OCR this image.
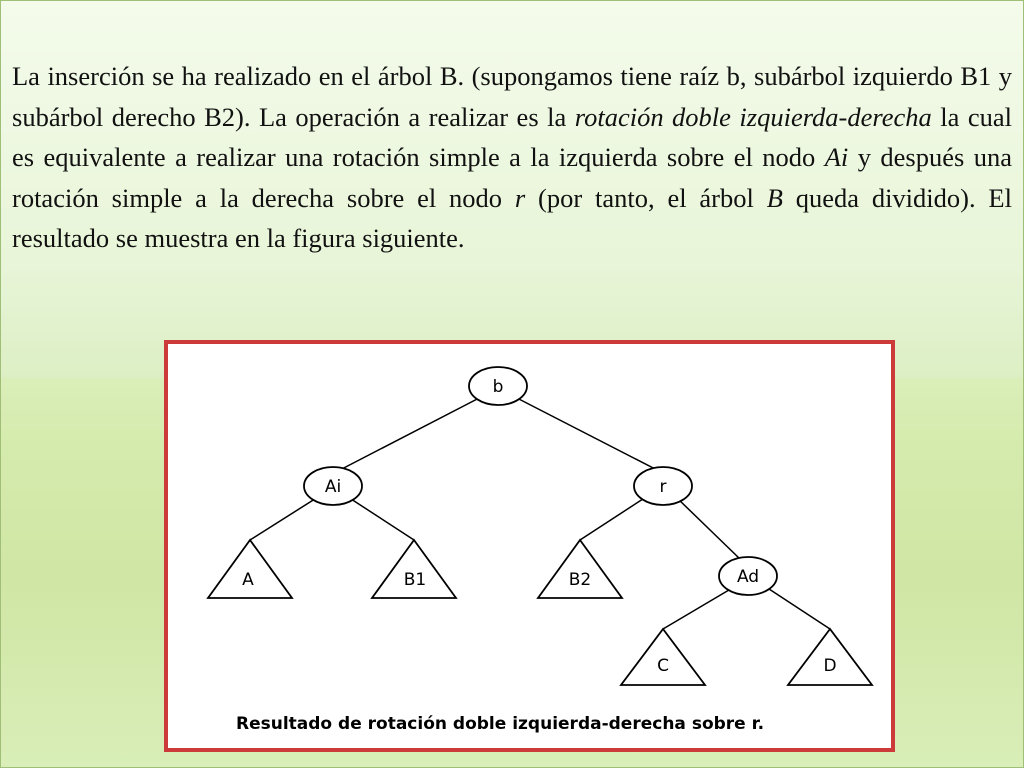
La inserción se ha realizado en el árbol B. (supongamos tiene raíz b, subárbol izquierdo B1 y subárbol derecho B2). La operación a realizar es la rotación doble izquierda-derecha la cual es equivalente a realizar una rotación simple a la izquierda sobre el nodo Ai y después una rotación simple a la derecha sobre el nodo r (por tanto, el árbol B queda dividido). El resultado se muestra en la figura siguiente.

b
Ai	r
Ad
A	B1	B2
C	D
Resultado de rotación doble izquierda-derecha sobre r.
